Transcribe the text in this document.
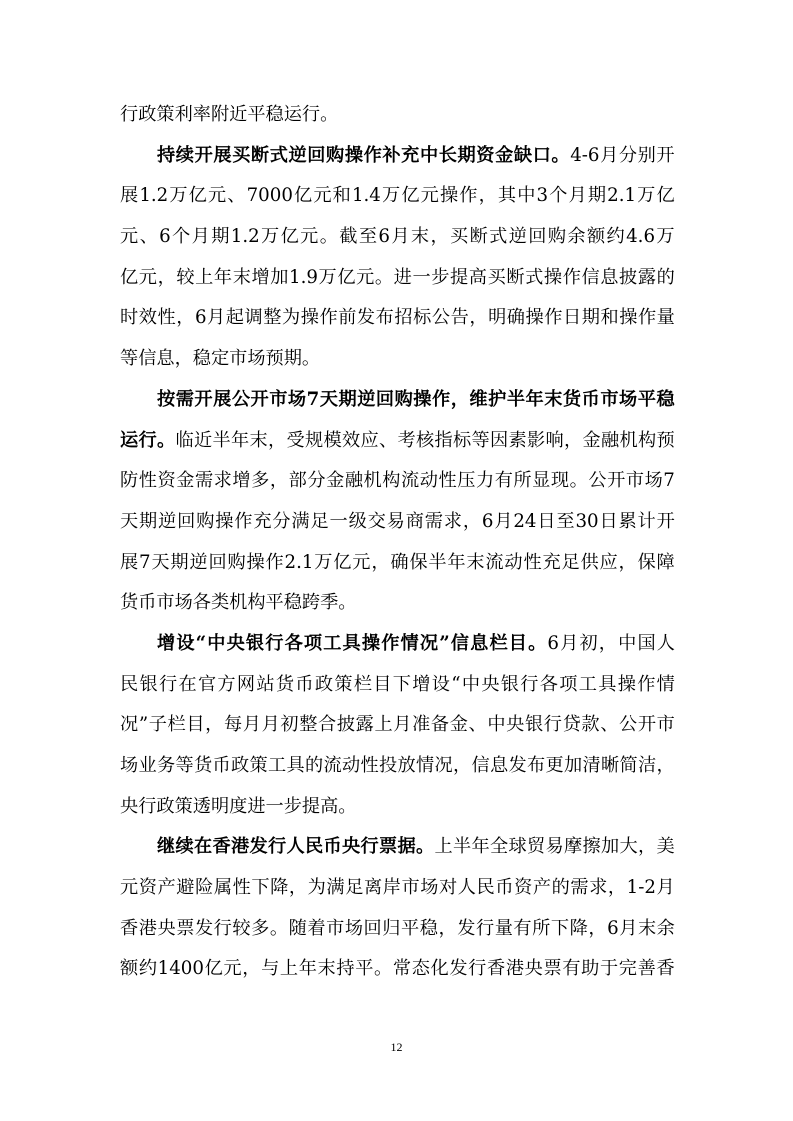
行政策利率附近平稳运行。
持 续 开 展 买 断 式 逆 回 购 操 作 补 充 中 长 期 资 金 缺 口 。 4-6 月 分 别 开
展 1.2 万 亿 元 、 7000 亿 元 和 1.4 万 亿 元 操 作 ， 其 中 3 个 月 期 2.1 万 亿
元 、 6 个 月 期 1.2 万 亿 元 。 截 至 6 月 末 ， 买 断 式 逆 回 购 余 额 约 4.6 万
亿 元 ， 较 上 年 末 增 加 1.9 万 亿 元 。 进 一 步 提 高 买 断 式 操 作 信 息 披 露 的
时 效 性 ， 6 月 起 调 整 为 操 作 前 发 布 招 标 公 告 ， 明 确 操 作 日 期 和 操 作 量
等信息，稳定市场预期。
按 需 开 展 公 开 市 场 7 天 期 逆 回 购 操 作 ， 维 护 半 年 末 货 币 市 场 平 稳
运 行 。 临 近 半 年 末 ， 受 规 模 效 应 、 考 核 指 标 等 因 素 影 响 ， 金 融 机 构 预
防 性 资 金 需 求 增 多 ， 部 分 金 融 机 构 流 动 性 压 力 有 所 显 现 。 公 开 市 场 7
天 期 逆 回 购 操 作 充 分 满 足 一 级 交 易 商 需 求 ， 6 月 24 日 至 30 日 累 计 开
展 7 天 期 逆 回 购 操 作 2.1 万 亿 元 ， 确 保 半 年 末 流 动 性 充 足 供 应 ， 保 障
货币市场各类机构平稳跨季。
增 设 “ 中 央 银 行 各 项 工 具 操 作 情 况 ” 信 息 栏 目 。 6 月 初 ， 中 国 人
民 银 行 在 官 方 网 站 货 币 政 策 栏 目 下 增 设 “ 中 央 银 行 各 项 工 具 操 作 情
况 ” 子 栏 目 ， 每 月 月 初 整 合 披 露 上 月 准 备 金 、 中 央 银 行 贷 款 、 公 开 市
场 业 务 等 货 币 政 策 工 具 的 流 动 性 投 放 情 况 ， 信 息 发 布 更 加 清 晰 简 洁 ，
央行政策透明度进一步提高。
继 续 在 香 港 发 行 人 民 币 央 行 票 据 。 上 半 年 全 球 贸 易 摩 擦 加 大 ， 美
元 资 产 避 险 属 性 下 降 ， 为 满 足 离 岸 市 场 对 人 民 币 资 产 的 需 求 ， 1-2 月
香 港 央 票 发 行 较 多 。 随 着 市 场 回 归 平 稳 ， 发 行 量 有 所 下 降 ， 6 月 末 余
额 约 1400 亿 元 ， 与 上 年 末 持 平 。 常 态 化 发 行 香 港 央 票 有 助 于 完 善 香
12
